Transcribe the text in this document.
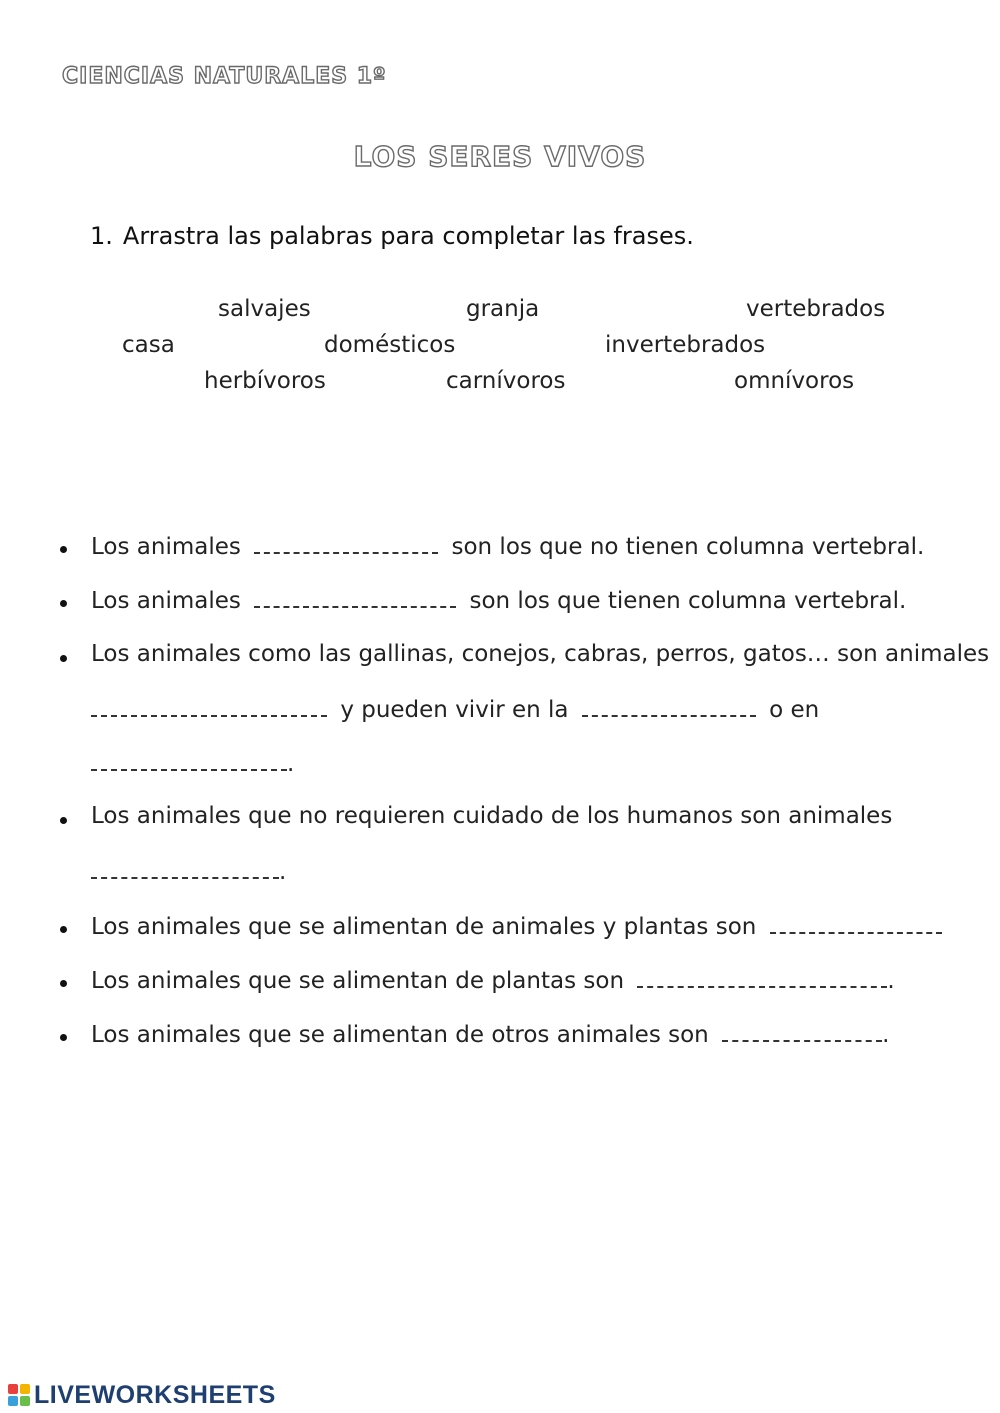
CIENCIAS NATURALES 1º
LOS SERES VIVOS
1. Arrastra las palabras para completar las frases.
salvajes	granja	vertebrados
casa	domésticos	invertebrados
herbívoros	carnívoros	omnívoros
Los animales	son los que no tienen columna vertebral.
Los animales	son los que tienen columna vertebral.
Los animales como las gallinas, conejos, cabras, perros, gatos… son animales
y pueden vivir en la	o en
.
Los animales que no requieren cuidado de los humanos son animales
.
Los animales que se alimentan de animales y plantas son
Los animales que se alimentan de plantas son	.
Los animales que se alimentan de otros animales son	.
LIVEWORKSHEETS
